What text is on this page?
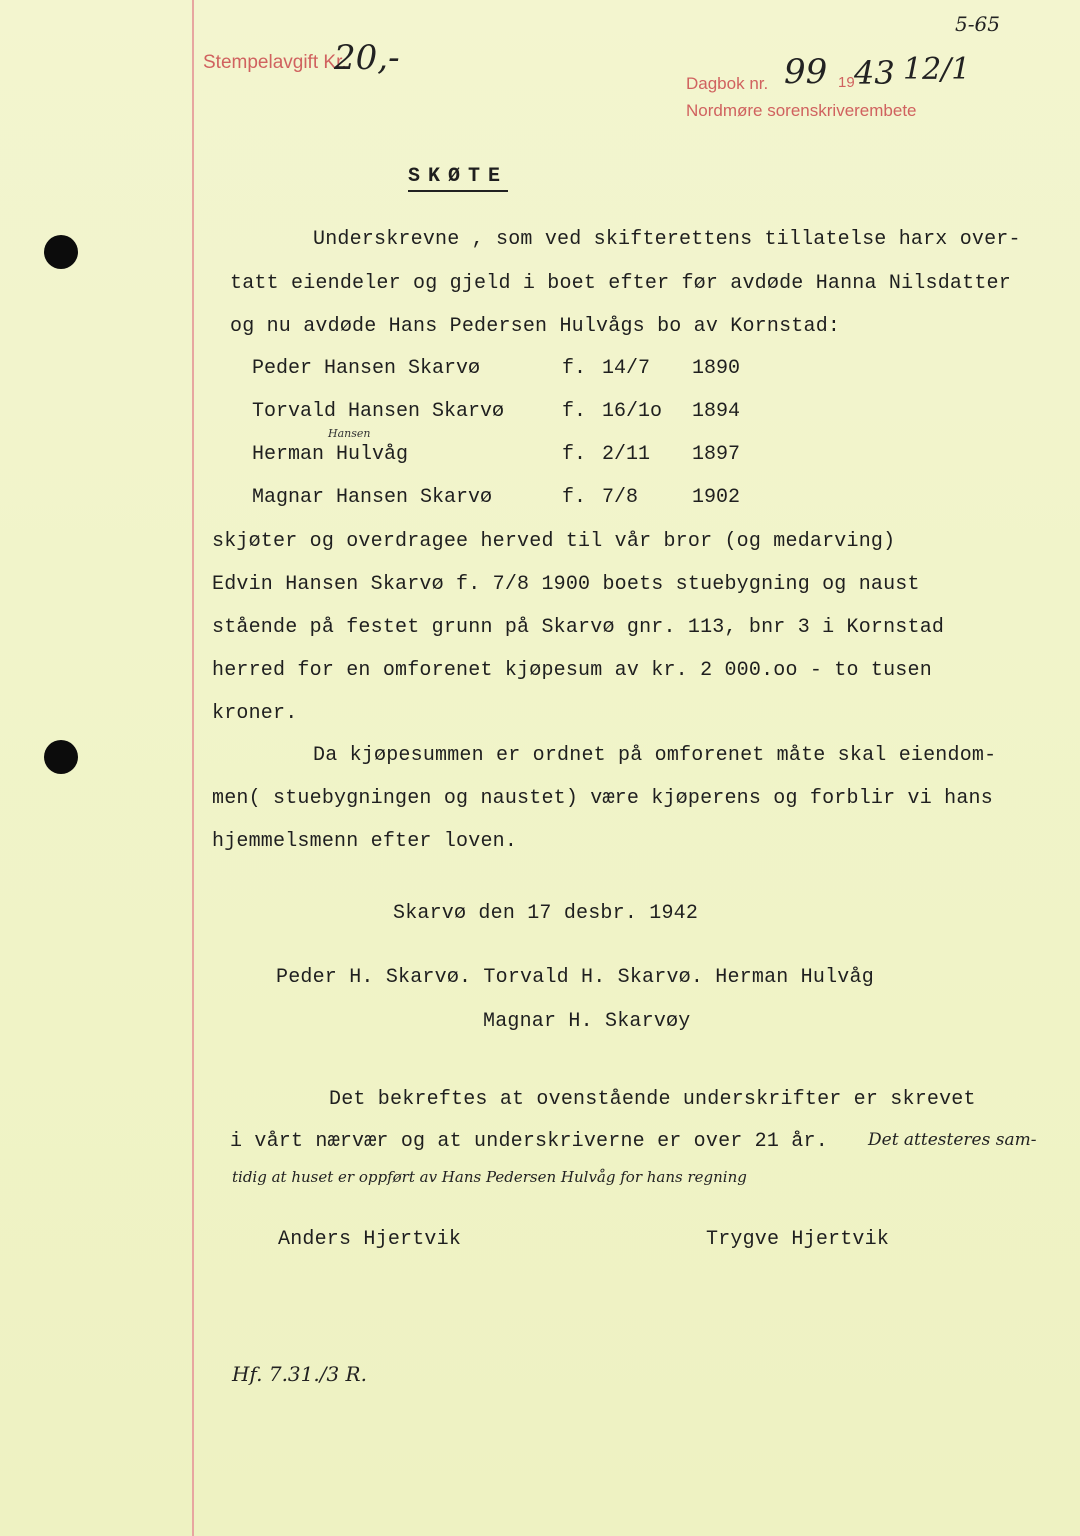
Stempelavgift Kr.
20,-
5-65
Dagbok nr. 99 19 43 12/1
Nordmøre sorenskriverembete
SKØTE
Underskrevne , som ved skifterettens tillatelse harx over-
tatt eiendeler og gjeld i boet efter før avdøde Hanna Nilsdatter
og nu avdøde Hans Pedersen Hulvågs bo av Kornstad:
Peder Hansen Skarvø	f. 14/7 1890
Torvald Hansen Skarvø	f. 16/1o 1894
Herman Hulvåg	f. 2/11 1897
Magnar Hansen Skarvø	f. 7/8	1902
Hansen
skjøter og overdragee herved til vår bror (og medarving)
Edvin Hansen Skarvø f. 7/8 1900 boets stuebygning og naust
stående på festet grunn på Skarvø gnr. 113, bnr 3 i Kornstad
herred for en omforenet kjøpesum av kr. 2 000.oo - to tusen
kroner.
Da kjøpesummen er ordnet på omforenet måte skal eiendom-
men( stuebygningen og naustet) være kjøperens og forblir vi hans
hjemmelsmenn efter loven.
Skarvø den 17 desbr. 1942
Peder H. Skarvø. Torvald H. Skarvø. Herman Hulvåg
Magnar H. Skarvøy
Det bekreftes at ovenstående underskrifter er skrevet
i vårt nærvær og at underskriverne er over 21 år. Det attesteres sam-
tidig at huset er oppført av Hans Pedersen Hulvåg for hans regning
Anders Hjertvik	Trygve Hjertvik
Hf. 7.31./3 R.
